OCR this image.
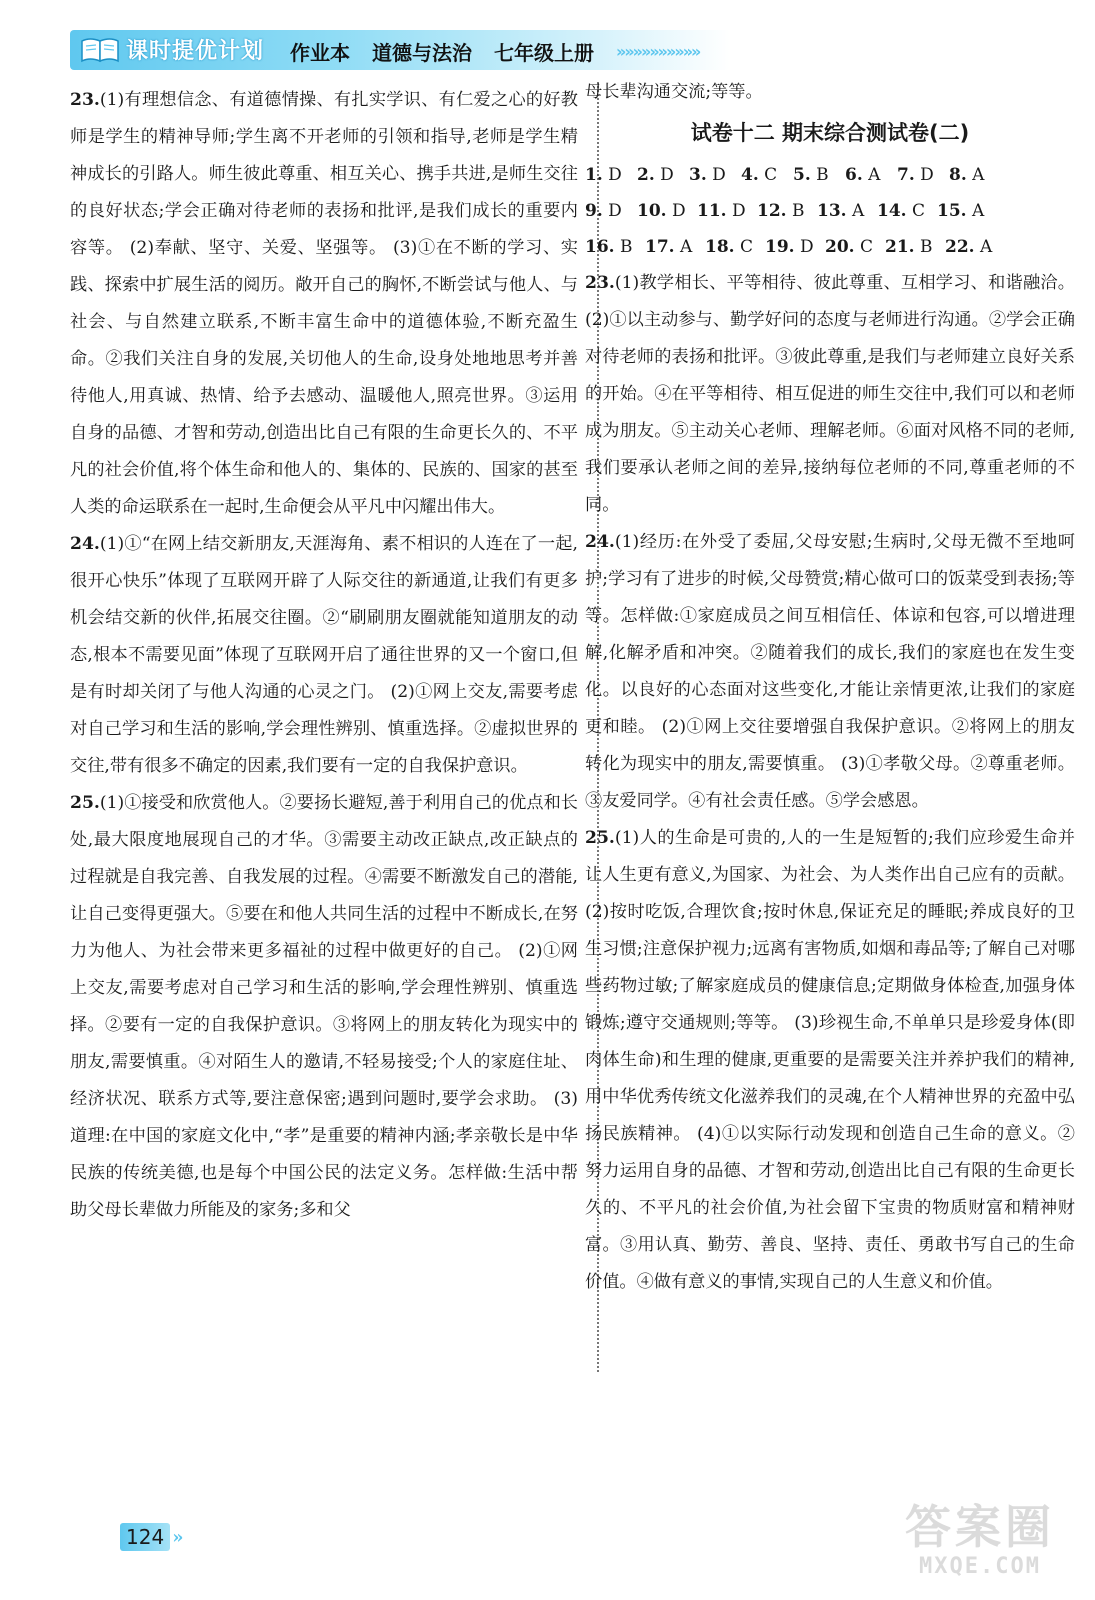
课时提优计划 作业本 道德与法治 七年级上册 »»»»»»»»»»

23.(1)有理想信念、有道德情操、有扎实学识、有仁爱之心的好教师是学生的精神导师;学生离不开老师的引领和指导,老师是学生精神成长的引路人。师生彼此尊重、相互关心、携手共进,是师生交往的良好状态;学会正确对待老师的表扬和批评,是我们成长的重要内容等。 (2)奉献、坚守、关爱、坚强等。 (3)①在不断的学习、实践、探索中扩展生活的阅历。敞开自己的胸怀,不断尝试与他人、与社会、与自然建立联系,不断丰富生命中的道德体验,不断充盈生命。②我们关注自身的发展,关切他人的生命,设身处地地思考并善待他人,用真诚、热情、给予去感动、温暖他人,照亮世界。③运用自身的品德、才智和劳动,创造出比自己有限的生命更长久的、不平凡的社会价值,将个体生命和他人的、集体的、民族的、国家的甚至人类的命运联系在一起时,生命便会从平凡中闪耀出伟大。

24.(1)①“在网上结交新朋友,天涯海角、素不相识的人连在了一起,很开心快乐”体现了互联网开辟了人际交往的新通道,让我们有更多机会结交新的伙伴,拓展交往圈。②“刷刷朋友圈就能知道朋友的动态,根本不需要见面”体现了互联网开启了通往世界的又一个窗口,但是有时却关闭了与他人沟通的心灵之门。 (2)①网上交友,需要考虑对自己学习和生活的影响,学会理性辨别、慎重选择。②虚拟世界的交往,带有很多不确定的因素,我们要有一定的自我保护意识。

25.(1)①接受和欣赏他人。②要扬长避短,善于利用自己的优点和长处,最大限度地展现自己的才华。③需要主动改正缺点,改正缺点的过程就是自我完善、自我发展的过程。④需要不断激发自己的潜能,让自己变得更强大。⑤要在和他人共同生活的过程中不断成长,在努力为他人、为社会带来更多福祉的过程中做更好的自己。 (2)①网上交友,需要考虑对自己学习和生活的影响,学会理性辨别、慎重选择。②要有一定的自我保护意识。③将网上的朋友转化为现实中的朋友,需要慎重。④对陌生人的邀请,不轻易接受;个人的家庭住址、经济状况、联系方式等,要注意保密;遇到问题时,要学会求助。 (3)道理:在中国的家庭文化中,“孝”是重要的精神内涵;孝亲敬长是中华民族的传统美德,也是每个中国公民的法定义务。怎样做:生活中帮助父母长辈做力所能及的家务;多和父

母长辈沟通交流;等等。

试卷十二 期末综合测试卷(二)
1. D 2. D 3. D 4. C 5. B 6. A 7. D 8. A
9. D 10. D 11. D 12. B 13. A 14. C 15. A
16. B 17. A 18. C 19. D 20. C 21. B 22. A

23.(1)教学相长、平等相待、彼此尊重、互相学习、和谐融洽。 (2)①以主动参与、勤学好问的态度与老师进行沟通。②学会正确对待老师的表扬和批评。③彼此尊重,是我们与老师建立良好关系的开始。④在平等相待、相互促进的师生交往中,我们可以和老师成为朋友。⑤主动关心老师、理解老师。⑥面对风格不同的老师,我们要承认老师之间的差异,接纳每位老师的不同,尊重老师的不同。

24.(1)经历:在外受了委屈,父母安慰;生病时,父母无微不至地呵护;学习有了进步的时候,父母赞赏;精心做可口的饭菜受到表扬;等等。怎样做:①家庭成员之间互相信任、体谅和包容,可以增进理解,化解矛盾和冲突。②随着我们的成长,我们的家庭也在发生变化。以良好的心态面对这些变化,才能让亲情更浓,让我们的家庭更和睦。 (2)①网上交往要增强自我保护意识。②将网上的朋友转化为现实中的朋友,需要慎重。 (3)①孝敬父母。②尊重老师。③友爱同学。④有社会责任感。⑤学会感恩。

25.(1)人的生命是可贵的,人的一生是短暂的;我们应珍爱生命并让人生更有意义,为国家、为社会、为人类作出自己应有的贡献。 (2)按时吃饭,合理饮食;按时休息,保证充足的睡眠;养成良好的卫生习惯;注意保护视力;远离有害物质,如烟和毒品等;了解自己对哪些药物过敏;了解家庭成员的健康信息;定期做身体检查,加强身体锻炼;遵守交通规则;等等。 (3)珍视生命,不单单只是珍爱身体(即肉体生命)和生理的健康,更重要的是需要关注并养护我们的精神,用中华优秀传统文化滋养我们的灵魂,在个人精神世界的充盈中弘扬民族精神。 (4)①以实际行动发现和创造自己生命的意义。②努力运用自身的品德、才智和劳动,创造出比自己有限的生命更长久的、不平凡的社会价值,为社会留下宝贵的物质财富和精神财富。③用认真、勤劳、善良、坚持、责任、勇敢书写自己的生命价值。④做有意义的事情,实现自己的人生意义和价值。

124 »	答案圈
MXQE.COM
